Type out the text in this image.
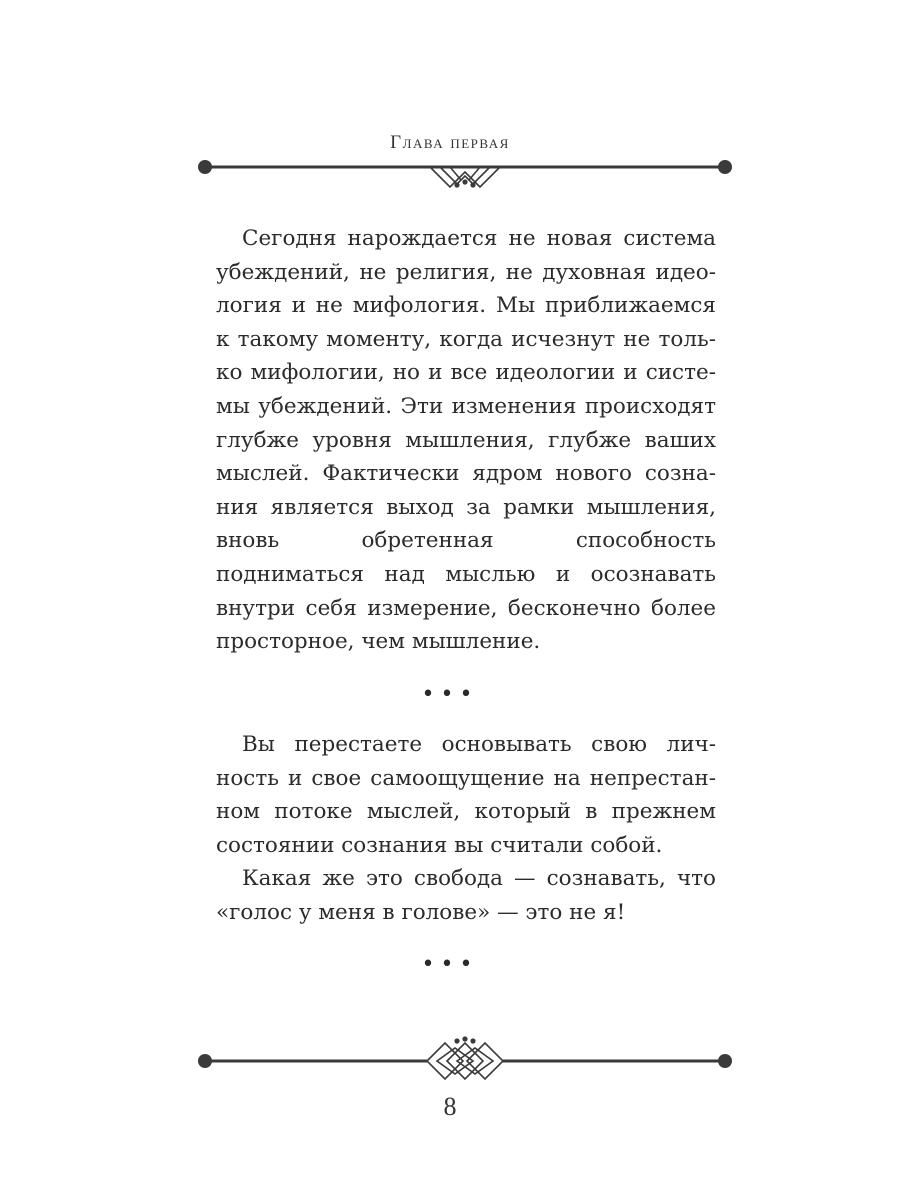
Глава первая

Сегодня нарождается не новая система убеждений, не религия, не духовная идеология и не мифология. Мы приближаемся к такому моменту, когда исчезнут не только мифологии, но и все идеологии и системы убеждений. Эти изменения происходят глубже уровня мышления, глубже ваших мыслей. Фактически ядром нового сознания является выход за рамки мышления, вновь обретенная способность подниматься над мыслью и осознавать внутри себя измерение, бесконечно более просторное, чем мышление.

•••

Вы перестаете основывать свою личность и свое самоощущение на непрестанном потоке мыслей, который в прежнем состоянии сознания вы считали собой.

Какая же это свобода — сознавать, что «голос у меня в голове» — это не я!

•••
8
